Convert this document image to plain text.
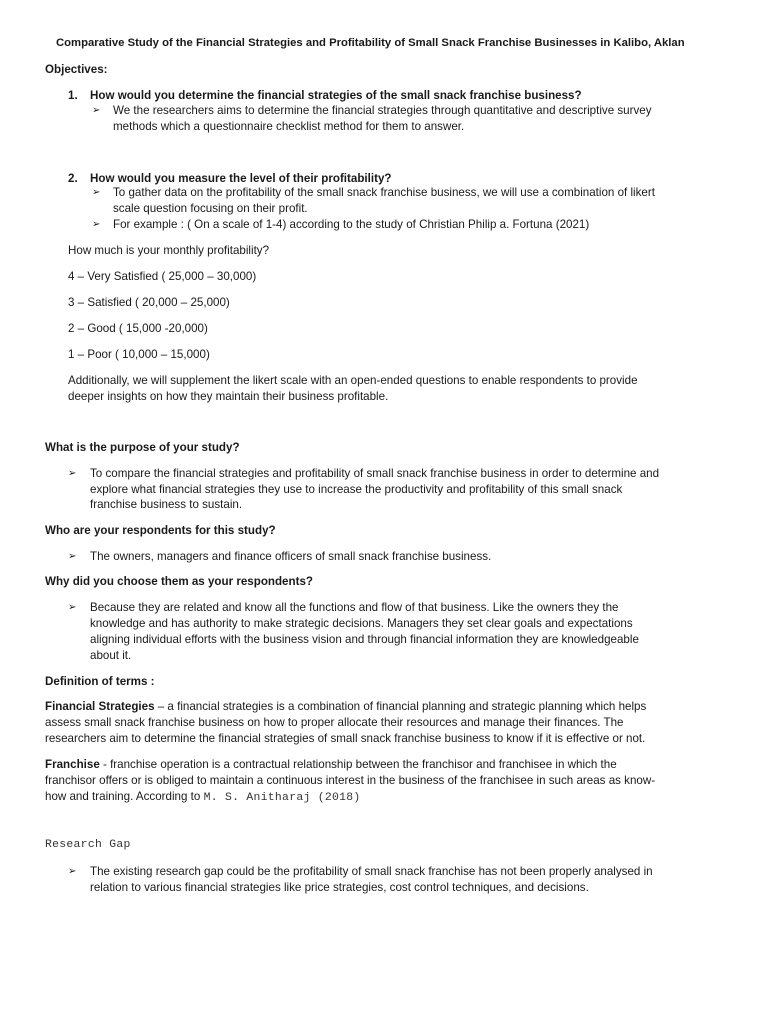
Comparative Study of the Financial Strategies and Profitability of Small Snack Franchise Businesses in Kalibo, Aklan
Objectives:
1. How would you determine the financial strategies of the small snack franchise business?
➢ We the researchers aims to determine the financial strategies through quantitative and descriptive survey
methods which a questionnaire checklist method for them to answer.
2. How would you measure the level of their profitability?
➢ To gather data on the profitability of the small snack franchise business, we will use a combination of likert
scale question focusing on their profit.
➢ For example : ( On a scale of 1-4) according to the study of Christian Philip a. Fortuna (2021)
How much is your monthly profitability?
4 – Very Satisfied ( 25,000 – 30,000)
3 – Satisfied ( 20,000 – 25,000)
2 – Good ( 15,000 -20,000)
1 – Poor ( 10,000 – 15,000)
Additionally, we will supplement the likert scale with an open-ended questions to enable respondents to provide
deeper insights on how they maintain their business profitable.
What is the purpose of your study?
➢ To compare the financial strategies and profitability of small snack franchise business in order to determine and
explore what financial strategies they use to increase the productivity and profitability of this small snack
franchise business to sustain.
Who are your respondents for this study?
➢ The owners, managers and finance officers of small snack franchise business.
Why did you choose them as your respondents?
➢ Because they are related and know all the functions and flow of that business. Like the owners they the
knowledge and has authority to make strategic decisions. Managers they set clear goals and expectations
aligning individual efforts with the business vision and through financial information they are knowledgeable
about it.
Definition of terms :
Financial Strategies – a financial strategies is a combination of financial planning and strategic planning which helps
assess small snack franchise business on how to proper allocate their resources and manage their finances. The
researchers aim to determine the financial strategies of small snack franchise business to know if it is effective or not.
Franchise - franchise operation is a contractual relationship between the franchisor and franchisee in which the
franchisor offers or is obliged to maintain a continuous interest in the business of the franchisee in such areas as know-
how and training. According to M. S. Anitharaj (2018)
Research Gap
➢ The existing research gap could be the profitability of small snack franchise has not been properly analysed in
relation to various financial strategies like price strategies, cost control techniques, and decisions.
